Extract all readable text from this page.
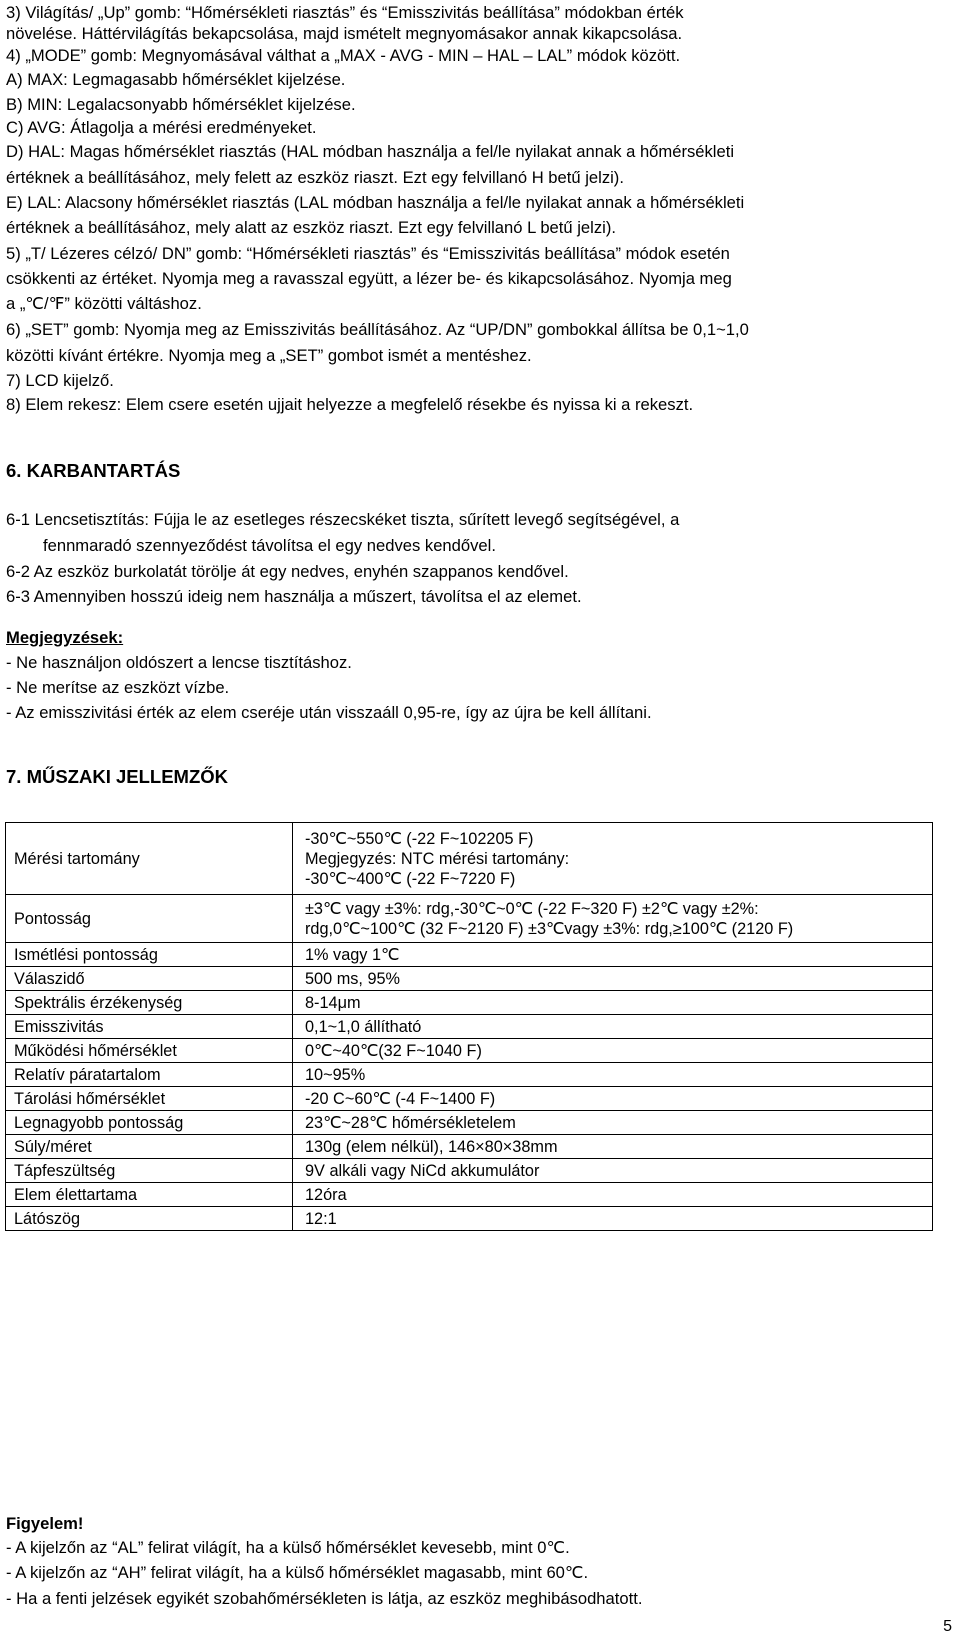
3) Világítás/ „Up” gomb: “Hőmérsékleti riasztás” és “Emisszivitás beállítása” módokban érték
növelése. Háttérvilágítás bekapcsolása, majd ismételt megnyomásakor annak kikapcsolása.
4) „MODE” gomb: Megnyomásával válthat a „MAX - AVG - MIN – HAL – LAL” módok között.
A) MAX: Legmagasabb hőmérséklet kijelzése.
B) MIN: Legalacsonyabb hőmérséklet kijelzése.
C) AVG: Átlagolja a mérési eredményeket.
D) HAL: Magas hőmérséklet riasztás (HAL módban használja a fel/le nyilakat annak a hőmérsékleti
értéknek a beállításához, mely felett az eszköz riaszt. Ezt egy felvillanó H betű jelzi).
E) LAL: Alacsony hőmérséklet riasztás (LAL módban használja a fel/le nyilakat annak a hőmérsékleti
értéknek a beállításához, mely alatt az eszköz riaszt. Ezt egy felvillanó L betű jelzi).
5) „T/ Lézeres célzó/ DN” gomb: “Hőmérsékleti riasztás” és “Emisszivitás beállítása” módok esetén
csökkenti az értéket. Nyomja meg a ravasszal együtt, a lézer be- és kikapcsolásához. Nyomja meg
a „℃/℉” közötti váltáshoz.
6) „SET” gomb: Nyomja meg az Emisszivitás beállításához. Az “UP/DN” gombokkal állítsa be 0,1~1,0
közötti kívánt értékre. Nyomja meg a „SET” gombot ismét a mentéshez.
7) LCD kijelző.
8) Elem rekesz: Elem csere esetén ujjait helyezze a megfelelő résekbe és nyissa ki a rekeszt.
6. KARBANTARTÁS
6-1 Lencsetisztítás: Fújja le az esetleges részecskéket tiszta, sűrített levegő segítségével, a
fennmaradó szennyeződést távolítsa el egy nedves kendővel.
6-2 Az eszköz burkolatát törölje át egy nedves, enyhén szappanos kendővel.
6-3 Amennyiben hosszú ideig nem használja a műszert, távolítsa el az elemet.
Megjegyzések:
- Ne használjon oldószert a lencse tisztításhoz.
- Ne merítse az eszközt vízbe.
- Az emisszivitási érték az elem cseréje után visszaáll 0,95-re, így az újra be kell állítani.
7. MŰSZAKI JELLEMZŐK
Mérési tartomány	-30℃~550℃ (-22 F~102205 F)
Megjegyzés: NTC mérési tartomány:
-30℃~400℃ (-22 F~7220 F)
Pontosság	±3℃ vagy ±3%: rdg,-30℃~0℃ (-22 F~320 F) ±2℃ vagy ±2%:
rdg,0℃~100℃ (32 F~2120 F) ±3℃vagy ±3%: rdg,≥100℃ (2120 F)
Ismétlési pontosság	1% vagy 1℃
Válaszidő	500 ms, 95%
Spektrális érzékenység	8-14μm
Emisszivitás	0,1~1,0 állítható
Működési hőmérséklet	0℃~40℃(32 F~1040 F)
Relatív páratartalom	10~95%
Tárolási hőmérséklet	-20 C~60℃ (-4 F~1400 F)
Legnagyobb pontosság	23℃~28℃ hőmérsékletelem
Súly/méret	130g (elem nélkül), 146×80×38mm
Tápfeszültség	9V alkáli vagy NiCd akkumulátor
Elem élettartama	12óra
Látószög	12:1
Figyelem!
- A kijelzőn az “AL” felirat világít, ha a külső hőmérséklet kevesebb, mint 0℃.
- A kijelzőn az “AH” felirat világít, ha a külső hőmérséklet magasabb, mint 60℃.
- Ha a fenti jelzések egyikét szobahőmérsékleten is látja, az eszköz meghibásodhatott.
5
